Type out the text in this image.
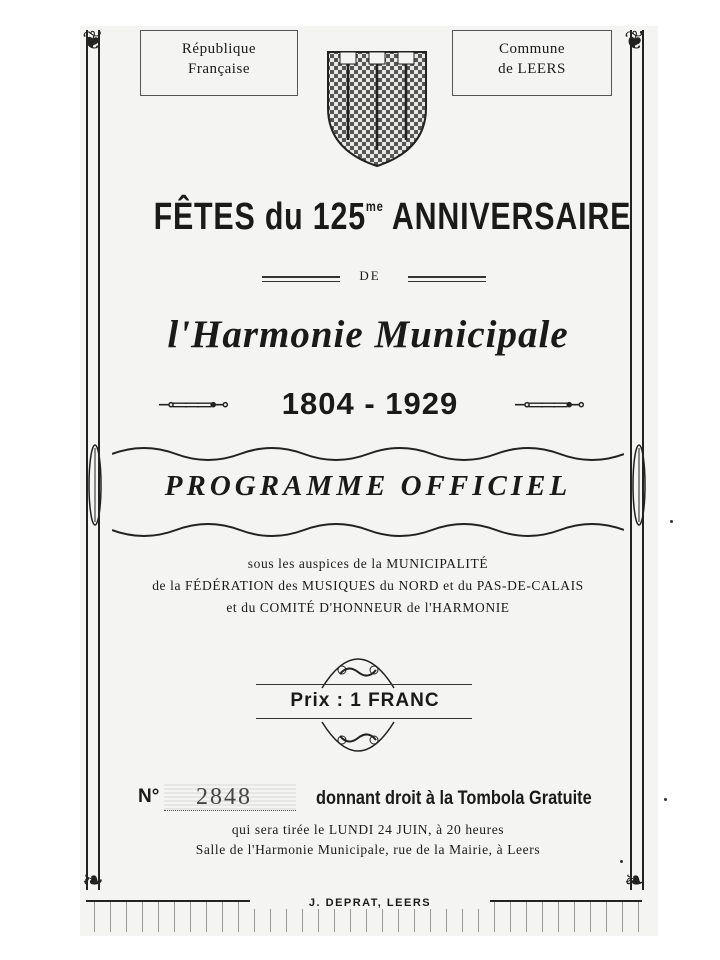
❦	❦
❧	❧
République
Française
Commune
de LEERS
FÊTES du $125^{me}$ ANNIVERSAIRE
DE
l'Harmonie Municipale
⊸═══⊷	1804 - 1929	⊸═══⊷
PROGRAMME OFFICIEL
sous les auspices de la MUNICIPALITÉ
de la FÉDÉRATION des MUSIQUES du NORD et du PAS-DE-CALAIS
et du COMITÉ D'HONNEUR de l'HARMONIE
Prix : 1 FRANC
N° 2848	donnant droit à la Tombola Gratuite
qui sera tirée le LUNDI 24 JUIN, à 20 heures
Salle de l'Harmonie Municipale, rue de la Mairie, à Leers
J. DEPRAT, LEERS
